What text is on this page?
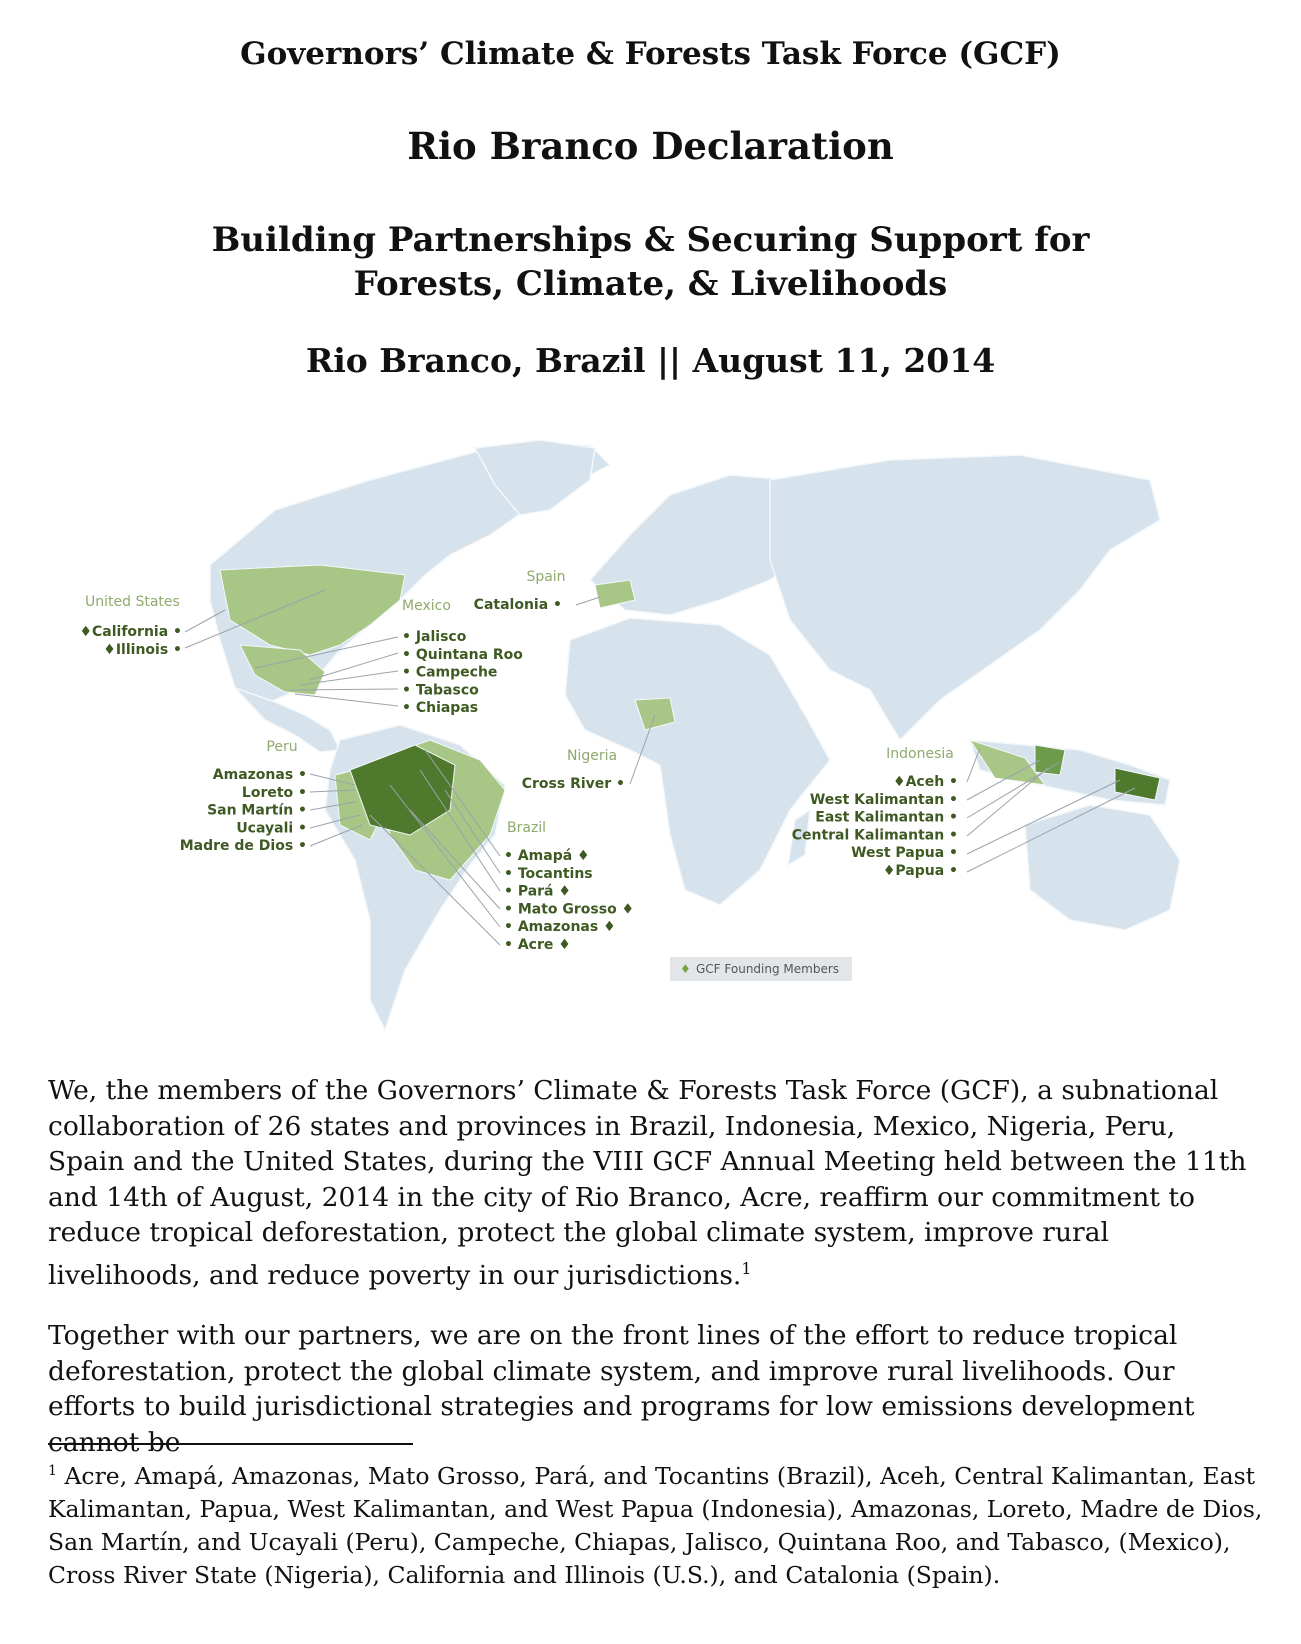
Governors’ Climate & Forests Task Force (GCF)
Rio Branco Declaration
Building Partnerships & Securing Support for
Forests, Climate, & Livelihoods
Rio Branco, Brazil || August 11, 2014
United States
♦California •
♦Illinois •
Mexico
• Jalisco
• Quintana Roo
• Campeche
• Tabasco
• Chiapas
Spain
Catalonia •
Peru
Amazonas •
Loreto •
San Martín •
Ucayali •
Madre de Dios •
Nigeria
Cross River •
Brazil
• Amapá ♦
• Tocantins
• Pará ♦
• Mato Grosso ♦
• Amazonas ♦
• Acre ♦
Indonesia
♦Aceh •
West Kalimantan •
East Kalimantan •
Central Kalimantan •
West Papua •
♦Papua •
♦ GCF Founding Members

We, the members of the Governors’ Climate & Forests Task Force (GCF), a subnational collaboration of 26 states and provinces in Brazil, Indonesia, Mexico, Nigeria, Peru, Spain and the United States, during the VIII GCF Annual Meeting held between the 11th and 14th of August, 2014 in the city of Rio Branco, Acre, reaffirm our commitment to reduce tropical deforestation, protect the global climate system, improve rural livelihoods, and reduce poverty in our jurisdictions.$^1$

Together with our partners, we are on the front lines of the effort to reduce tropical deforestation, protect the global climate system, and improve rural livelihoods. Our efforts to build jurisdictional strategies and programs for low emissions development cannot be

$^1$ Acre, Amapá, Amazonas, Mato Grosso, Pará, and Tocantins (Brazil), Aceh, Central Kalimantan, East Kalimantan, Papua, West Kalimantan, and West Papua (Indonesia), Amazonas, Loreto, Madre de Dios, San Martín, and Ucayali (Peru), Campeche, Chiapas, Jalisco, Quintana Roo, and Tabasco, (Mexico), Cross River State (Nigeria), California and Illinois (U.S.), and Catalonia (Spain).
